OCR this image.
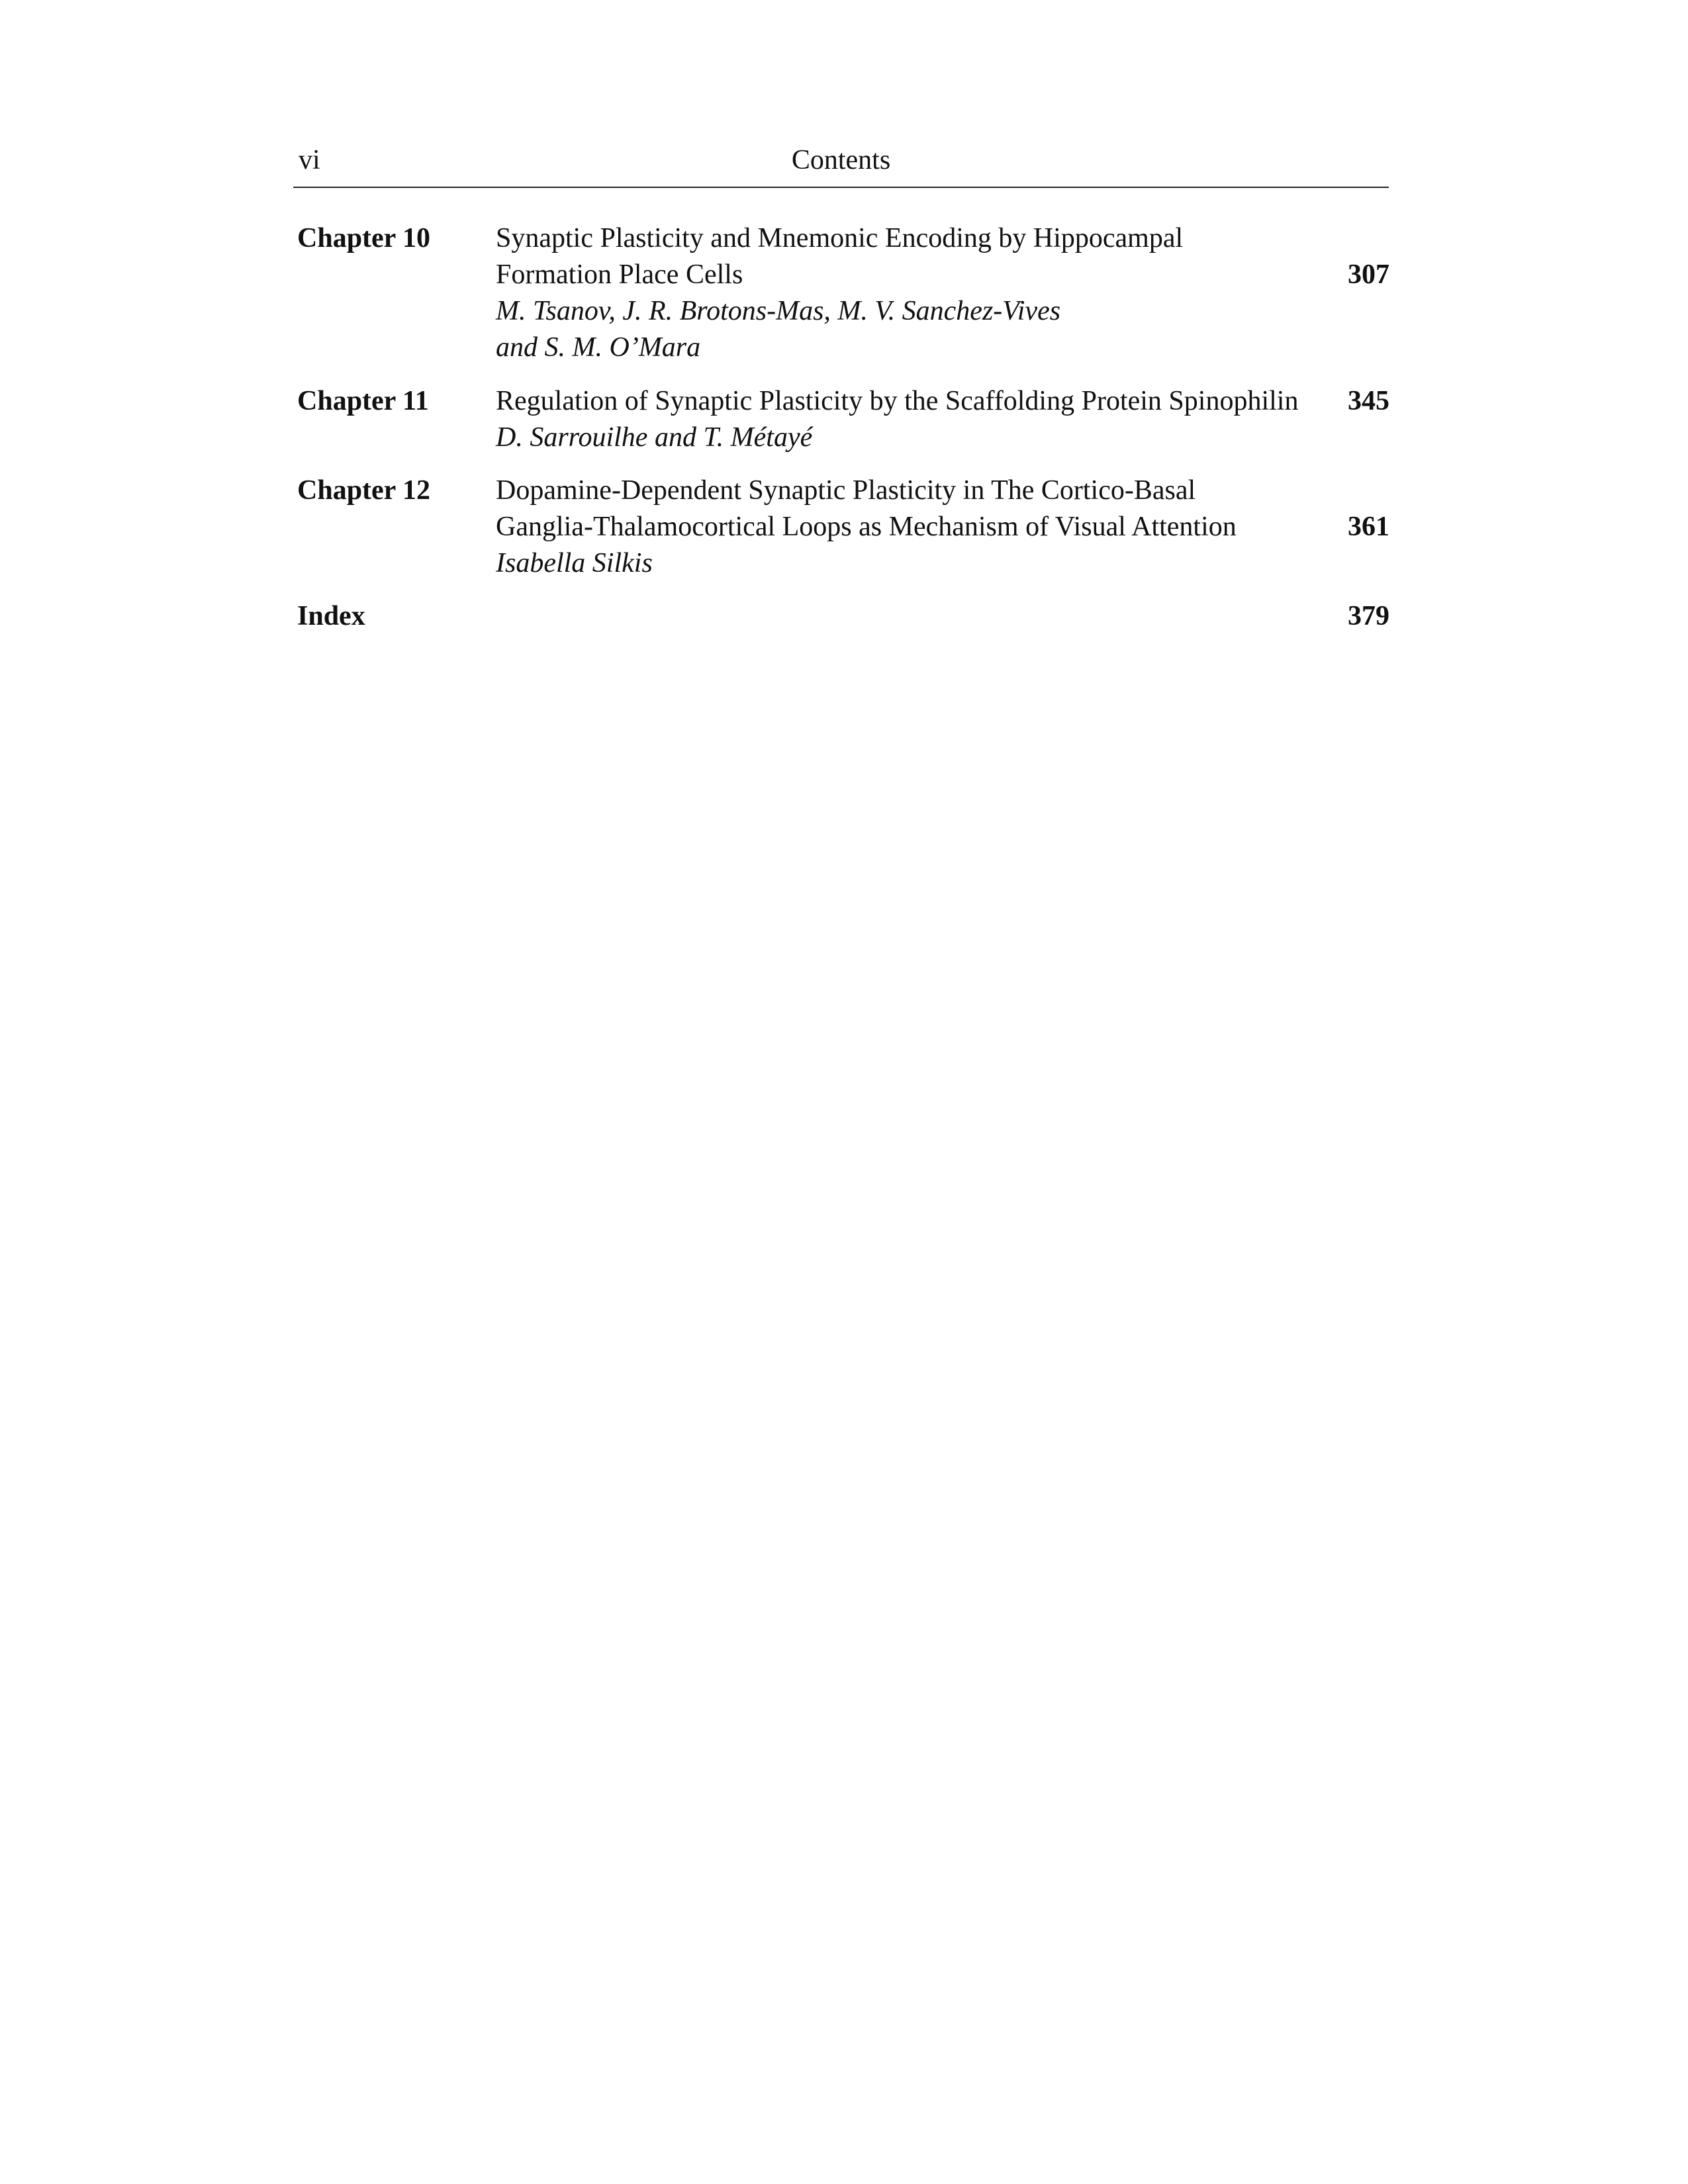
vi	Contents
Chapter 10 Synaptic Plasticity and Mnemonic Encoding by Hippocampal
Formation Place Cells
M. Tsanov, J. R. Brotons-Mas, M. V. Sanchez-Vives
and S. M. O’Mara
307
Chapter 11 Regulation of Synaptic Plasticity by the Scaffolding Protein Spinophilin
D. Sarrouilhe and T. Métayé
345
Chapter 12 Dopamine-Dependent Synaptic Plasticity in The Cortico-Basal
Ganglia-Thalamocortical Loops as Mechanism of Visual Attention
Isabella Silkis
361
Index	379
